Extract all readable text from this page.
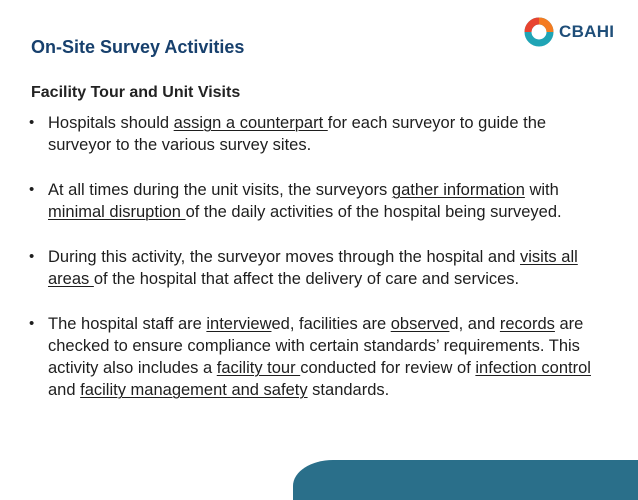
CBAHI
On-Site Survey Activities
Facility Tour and Unit Visits
• Hospitals should assign a counterpart for each surveyor to guide the surveyor to the various survey sites.
• At all times during the unit visits, the surveyors gather information with minimal disruption of the daily activities of the hospital being surveyed.
• During this activity, the surveyor moves through the hospital and visits all areas of the hospital that affect the delivery of care and services.
• The hospital staff are interviewed, facilities are observed, and records are checked to ensure compliance with certain standards’ requirements. This activity also includes a facility tour conducted for review of infection control and facility management and safety standards.
